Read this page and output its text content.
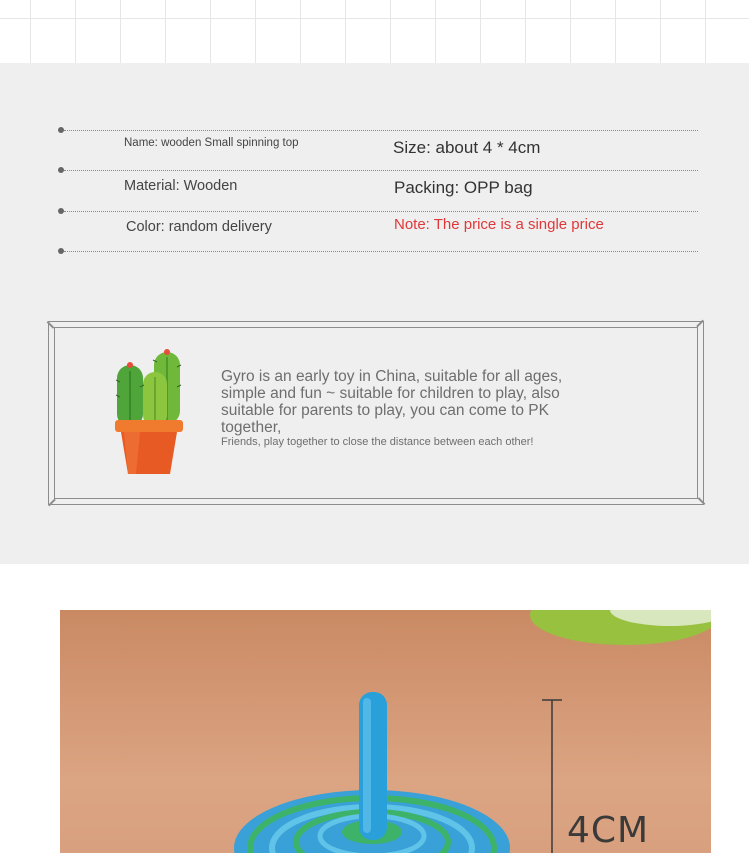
Name: wooden Small spinning top	Size: about 4 * 4cm
Material: Wooden	Packing: OPP bag
Color: random delivery	Note: The price is a single price
Gyro is an early toy in China, suitable for all ages, simple and fun ~ suitable for children to play, also suitable for parents to play, you can come to PK together,
Friends, play together to close the distance between each other!
4CM
